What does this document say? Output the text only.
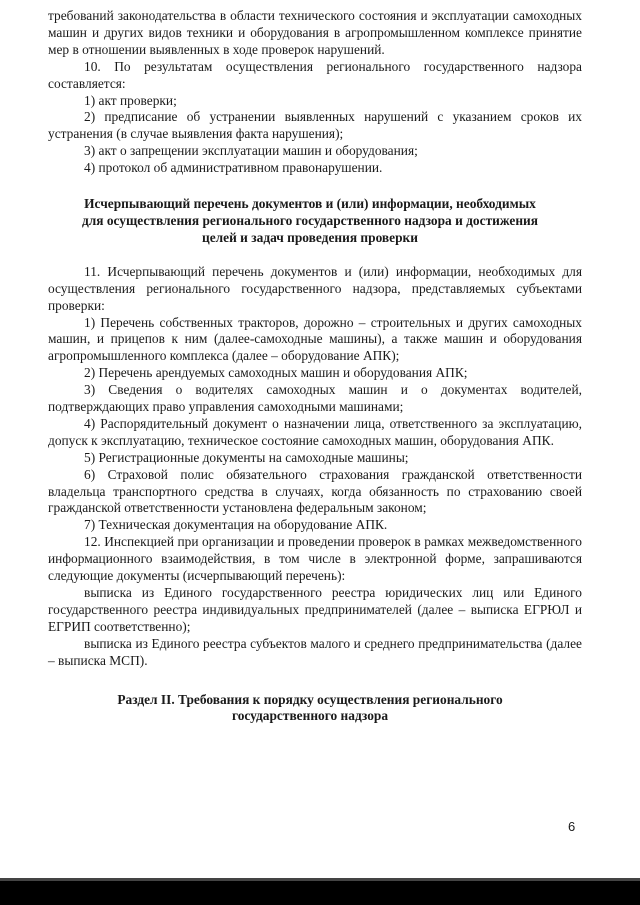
требований законодательства в области технического состояния и эксплуатации самоходных машин и других видов техники и оборудования в агропромышленном комплексе принятие мер в отношении выявленных в ходе проверок нарушений.

10. По результатам осуществления регионального государственного надзора составляется:

1) акт проверки;

2) предписание об устранении выявленных нарушений с указанием сроков их устранения (в случае выявления факта нарушения);

3) акт о запрещении эксплуатации машин и оборудования;

4) протокол об административном правонарушении.

Исчерпывающий перечень документов и (или) информации, необходимых для осуществления регионального государственного надзора и достижения целей и задач проведения проверки

11. Исчерпывающий перечень документов и (или) информации, необходимых для осуществления регионального государственного надзора, представляемых субъектами проверки:

1) Перечень собственных тракторов, дорожно – строительных и других самоходных машин, и прицепов к ним (далее-самоходные машины), а также машин и оборудования агропромышленного комплекса (далее – оборудование АПК);

2) Перечень арендуемых самоходных машин и оборудования АПК;

3) Сведения о водителях самоходных машин и о документах водителей, подтверждающих право управления самоходными машинами;

4) Распорядительный документ о назначении лица, ответственного за эксплуатацию, допуск к эксплуатацию, техническое состояние самоходных машин, оборудования АПК.

5) Регистрационные документы на самоходные машины;

6) Страховой полис обязательного страхования гражданской ответственности владельца транспортного средства в случаях, когда обязанность по страхованию своей гражданской ответственности установлена федеральным законом;

7) Техническая документация на оборудование АПК.

12. Инспекцией при организации и проведении проверок в рамках межведомственного информационного взаимодействия, в том числе в электронной форме, запрашиваются следующие документы (исчерпывающий перечень):

выписка из Единого государственного реестра юридических лиц или Единого государственного реестра индивидуальных предпринимателей (далее – выписка ЕГРЮЛ и ЕГРИП соответственно);

выписка из Единого реестра субъектов малого и среднего предпринимательства (далее – выписка МСП).

Раздел II. Требования к порядку осуществления регионального государственного надзора

6
